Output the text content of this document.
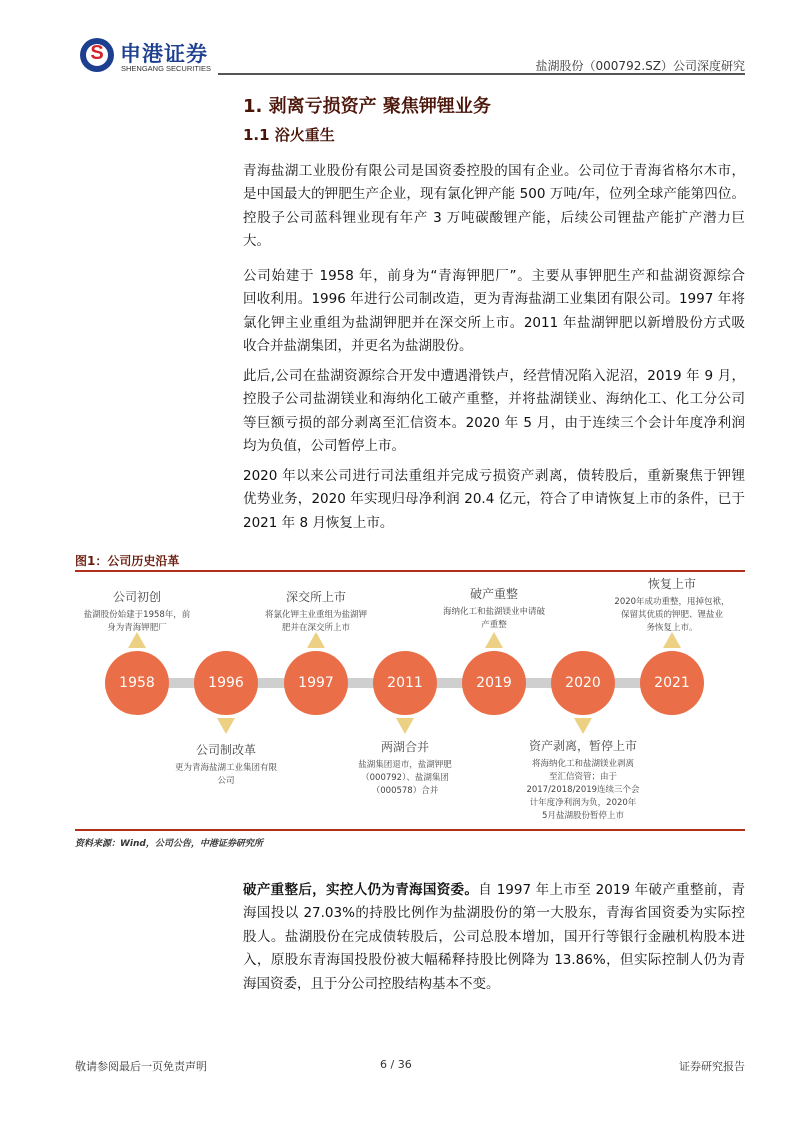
S 申港证券
SHENGANG SECURITIES	盐湖股份（000792.SZ）公司深度研究
1. 剥离亏损资产 聚焦钾锂业务
1.1 浴火重生
青海盐湖工业股份有限公司是国资委控股的国有企业。公司位于青海省格尔木市，
是中国最大的钾肥生产企业，现有氯化钾产能 500 万吨/年，位列全球产能第四位。
控股子公司蓝科锂业现有年产 3 万吨碳酸锂产能，后续公司锂盐产能扩产潜力巨
大。
公司始建于 1958 年，前身为“青海钾肥厂”。主要从事钾肥生产和盐湖资源综合
回收利用。1996 年进行公司制改造，更为青海盐湖工业集团有限公司。1997 年将
氯化钾主业重组为盐湖钾肥并在深交所上市。2011 年盐湖钾肥以新增股份方式吸
收合并盐湖集团，并更名为盐湖股份。
此后,公司在盐湖资源综合开发中遭遇滑铁卢，经营情况陷入泥沼，2019 年 9 月，
控股子公司盐湖镁业和海纳化工破产重整，并将盐湖镁业、海纳化工、化工分公司
等巨额亏损的部分剥离至汇信资本。2020 年 5 月，由于连续三个会计年度净利润
均为负值，公司暂停上市。
2020 年以来公司进行司法重组并完成亏损资产剥离，债转股后，重新聚焦于钾锂
优势业务，2020 年实现归母净利润 20.4 亿元，符合了申请恢复上市的条件，已于
2021 年 8 月恢复上市。
图1：公司历史沿革
1958	1996	1997	2011	2019	2020	2021
公司初创
盐湖股份始建于1958年，前
身为青海钾肥厂
深交所上市
将氯化钾主业重组为盐湖钾
肥并在深交所上市
破产重整
海纳化工和盐湖镁业申请破
产重整
恢复上市
2020年成功重整，甩掉包袱，
保留其优质的钾肥、锂盐业
务恢复上市。
公司制改革
更为青海盐湖工业集团有限
公司
两湖合并
盐湖集团退市，盐湖钾肥
（000792）、盐湖集团
（000578）合并
资产剥离，暂停上市
将海纳化工和盐湖镁业剥离
至汇信资管；由于
2017/2018/2019连续三个会
计年度净利润为负，2020年
5月盐湖股份暂停上市
资料来源：Wind，公司公告，中港证券研究所
破产重整后，实控人仍为青海国资委。自 1997 年上市至 2019 年破产重整前，青
海国投以 27.03%的持股比例作为盐湖股份的第一大股东，青海省国资委为实际控
股人。盐湖股份在完成债转股后，公司总股本增加，国开行等银行金融机构股本进
入，原股东青海国投股份被大幅稀释持股比例降为 13.86%，但实际控制人仍为青
海国资委，且于分公司控股结构基本不变。
敬请参阅最后一页免责声明	6 / 36	证券研究报告
